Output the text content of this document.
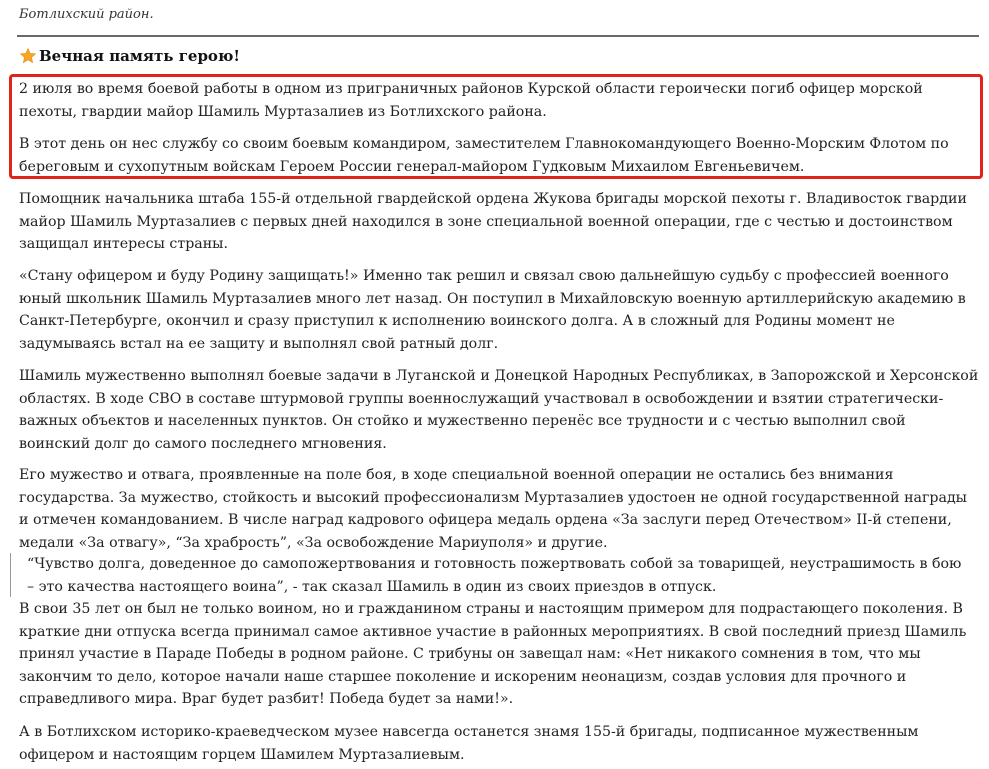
Ботлихский район.
Вечная память герою!

2 июля во время боевой работы в одном из приграничных районов Курской области героически погиб офицер морской пехоты, гвардии майор Шамиль Муртазалиев из Ботлихского района.

В этот день он нес службу со своим боевым командиром, заместителем Главнокомандующего Военно-Морским Флотом по береговым и сухопутным войскам Героем России генерал-майором Гудковым Михаилом Евгеньевичем.

Помощник начальника штаба 155-й отдельной гвардейской ордена Жукова бригады морской пехоты г. Владивосток гвардии майор Шамиль Муртазалиев с первых дней находился в зоне специальной военной операции, где с честью и достоинством защищал интересы страны.

«Стану офицером и буду Родину защищать!» Именно так решил и связал свою дальнейшую судьбу с профессией военного юный школьник Шамиль Муртазалиев много лет назад. Он поступил в Михайловскую военную артиллерийскую академию в Санкт-Петербурге, окончил и сразу приступил к исполнению воинского долга. А в сложный для Родины момент не задумываясь встал на ее защиту и выполнял свой ратный долг.

Шамиль мужественно выполнял боевые задачи в Луганской и Донецкой Народных Республиках, в Запорожской и Херсонской областях. В ходе СВО в составе штурмовой группы военнослужащий участвовал в освобождении и взятии стратегически-важных объектов и населенных пунктов. Он стойко и мужественно перенёс все трудности и с честью выполнил свой воинский долг до самого последнего мгновения.

Его мужество и отвага, проявленные на поле боя, в ходе специальной военной операции не остались без внимания государства. За мужество, стойкость и высокий профессионализм Муртазалиев удостоен не одной государственной награды и отмечен командованием. В числе наград кадрового офицера медаль ордена «За заслуги перед Отечеством» II-й степени, медали «За отвагу», “За храбрость”, «За освобождение Мариуполя» и другие.

“Чувство долга, доведенное до самопожертвования и готовность пожертвовать собой за товарищей, неустрашимость в бою – это качества настоящего воина”, - так сказал Шамиль в один из своих приездов в отпуск.

В свои 35 лет он был не только воином, но и гражданином страны и настоящим примером для подрастающего поколения. В краткие дни отпуска всегда принимал самое активное участие в районных мероприятиях. В свой последний приезд Шамиль принял участие в Параде Победы в родном районе. С трибуны он завещал нам: «Нет никакого сомнения в том, что мы закончим то дело, которое начали наше старшее поколение и искореним неонацизм, создав условия для прочного и справедливого мира. Враг будет разбит! Победа будет за нами!».

А в Ботлихском историко-краеведческом музее навсегда останется знамя 155-й бригады, подписанное мужественным офицером и настоящим горцем Шамилем Муртазалиевым.
